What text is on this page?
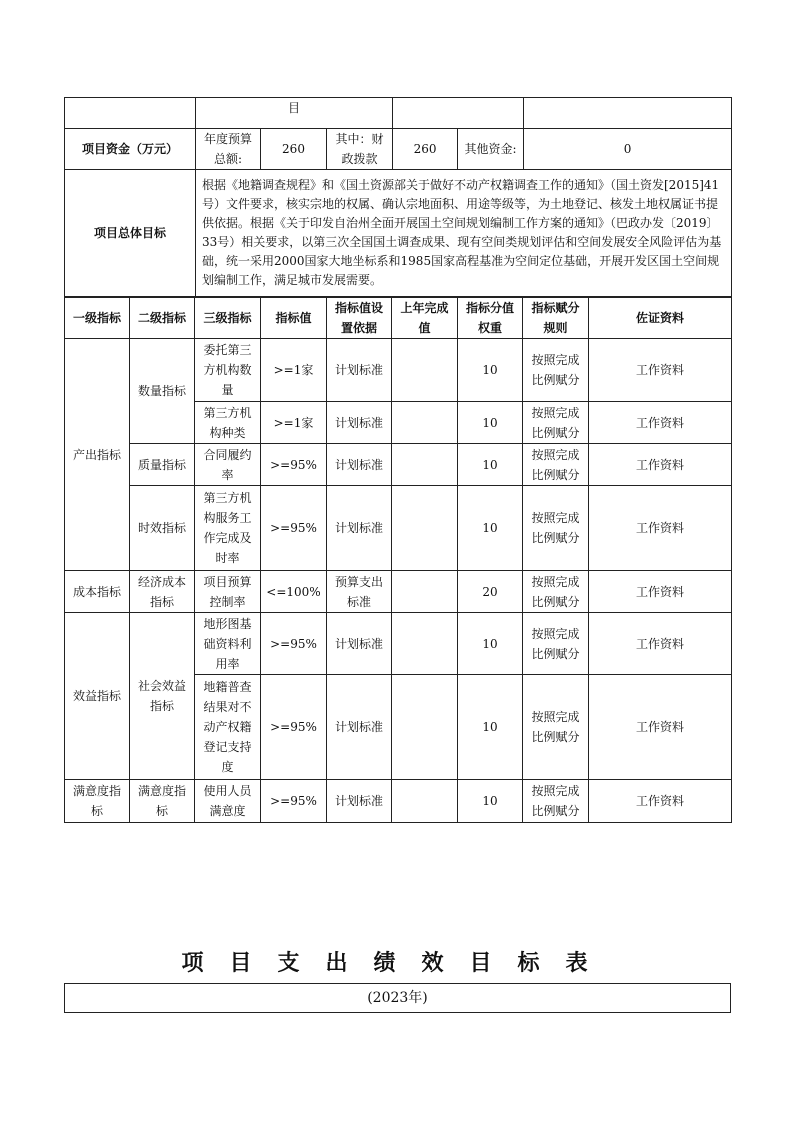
	目					
项目资金（万元）	年度预算总额:	260	其中：财政拨款	260	其他资金:	0
项目总体目标	根据《地籍调查规程》和《国土资源部关于做好不动产权籍调查工作的通知》（国土资发[2015]41号）文件要求，核实宗地的权属、确认宗地面积、用途等级等，为土地登记、核发土地权属证书提供依据。根据《关于印发自治州全面开展国土空间规划编制工作方案的通知》（巴政办发〔2019〕33号）相关要求，以第三次全国国土调查成果、现有空间类规划评估和空间发展安全风险评估为基础，统一采用2000国家大地坐标系和1985国家高程基准为空间定位基础，开展开发区国土空间规划编制工作，满足城市发展需要。					
一级指标	二级指标	三级指标	指标值	指标值设置依据	上年完成值	指标分值权重	指标赋分规则	佐证资料
产出指标	数量指标	委托第三方机构数量	>=1家	计划标准		10	按照完成比例赋分	工作资料
		第三方机构种类	>=1家	计划标准		10	按照完成比例赋分	工作资料
	质量指标	合同履约率	>=95%	计划标准		10	按照完成比例赋分	工作资料
	时效指标	第三方机构服务工作完成及时率	>=95%	计划标准		10	按照完成比例赋分	工作资料
成本指标	经济成本指标	项目预算控制率	<=100%	预算支出标准		20	按照完成比例赋分	工作资料
效益指标	社会效益指标	地形图基础资料利用率	>=95%	计划标准		10	按照完成比例赋分	工作资料
		地籍普查结果对不动产权籍登记支持度	>=95%	计划标准		10	按照完成比例赋分	工作资料
满意度指标	满意度指标	使用人员满意度	>=95%	计划标准		10	按照完成比例赋分	工作资料
项目支出绩效目标表
(2023年)
